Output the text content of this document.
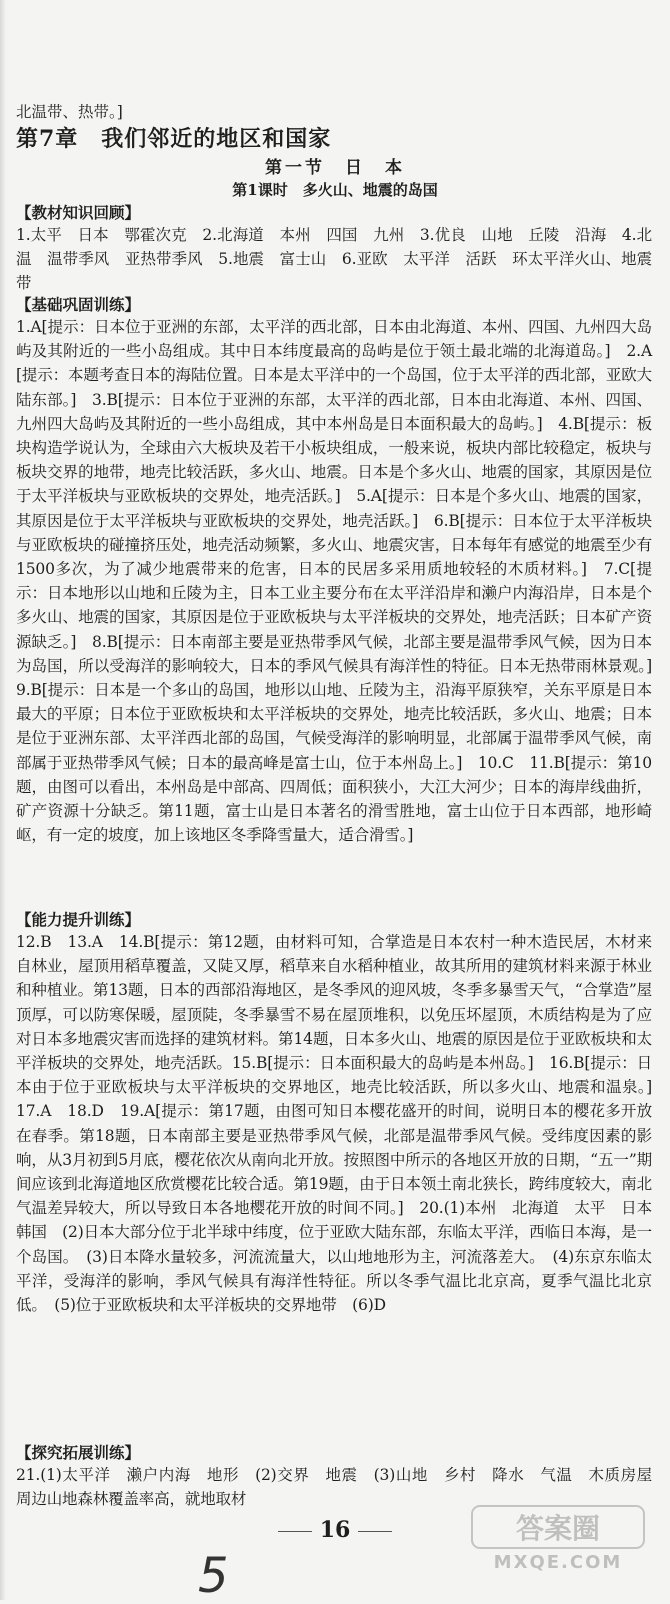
北温带、热带。]
第7章　我们邻近的地区和国家
第一节　日　本
第1课时　多火山、地震的岛国
【教材知识回顾】
1.太平　日本　鄂霍次克　2.北海道　本州　四国　九州　3.优良　山地　丘陵　沿海　4.北温　温带季风　亚热带季风　5.地震　富士山　6.亚欧　太平洋　活跃　环太平洋火山、地震带
【基础巩固训练】
1.A[提示：日本位于亚洲的东部，太平洋的西北部，日本由北海道、本州、四国、九州四大岛屿及其附近的一些小岛组成。其中日本纬度最高的岛屿是位于领土最北端的北海道岛。]　2.A[提示：本题考查日本的海陆位置。日本是太平洋中的一个岛国，位于太平洋的西北部，亚欧大陆东部。]　3.B[提示：日本位于亚洲的东部，太平洋的西北部，日本由北海道、本州、四国、九州四大岛屿及其附近的一些小岛组成，其中本州岛是日本面积最大的岛屿。]　4.B[提示：板块构造学说认为，全球由六大板块及若干小板块组成，一般来说，板块内部比较稳定，板块与板块交界的地带，地壳比较活跃，多火山、地震。日本是个多火山、地震的国家，其原因是位于太平洋板块与亚欧板块的交界处，地壳活跃。]　5.A[提示：日本是个多火山、地震的国家，其原因是位于太平洋板块与亚欧板块的交界处，地壳活跃。]　6.B[提示：日本位于太平洋板块与亚欧板块的碰撞挤压处，地壳活动频繁，多火山、地震灾害，日本每年有感觉的地震至少有1500多次，为了减少地震带来的危害，日本的民居多采用质地较轻的木质材料。]　7.C[提示：日本地形以山地和丘陵为主，日本工业主要分布在太平洋沿岸和濑户内海沿岸，日本是个多火山、地震的国家，其原因是位于亚欧板块与太平洋板块的交界处，地壳活跃；日本矿产资源缺乏。]　8.B[提示：日本南部主要是亚热带季风气候，北部主要是温带季风气候，因为日本为岛国，所以受海洋的影响较大，日本的季风气候具有海洋性的特征。日本无热带雨林景观。]　9.B[提示：日本是一个多山的岛国，地形以山地、丘陵为主，沿海平原狭窄，关东平原是日本最大的平原；日本位于亚欧板块和太平洋板块的交界处，地壳比较活跃，多火山、地震；日本是位于亚洲东部、太平洋西北部的岛国，气候受海洋的影响明显，北部属于温带季风气候，南部属于亚热带季风气候；日本的最高峰是富士山，位于本州岛上。]　10.C　11.B[提示：第10题，由图可以看出，本州岛是中部高、四周低；面积狭小，大江大河少；日本的海岸线曲折，矿产资源十分缺乏。第11题，富士山是日本著名的滑雪胜地，富士山位于日本西部，地形崎岖，有一定的坡度，加上该地区冬季降雪量大，适合滑雪。]
【能力提升训练】
12.B　13.A　14.B[提示：第12题，由材料可知，合掌造是日本农村一种木造民居，木材来自林业，屋顶用稻草覆盖，又陡又厚，稻草来自水稻种植业，故其所用的建筑材料来源于林业和种植业。第13题，日本的西部沿海地区，是冬季风的迎风坡，冬季多暴雪天气，“合掌造”屋顶厚，可以防寒保暖，屋顶陡，冬季暴雪不易在屋顶堆积，以免压坏屋顶，木质结构是为了应对日本多地震灾害而选择的建筑材料。第14题，日本多火山、地震的原因是位于亚欧板块和太平洋板块的交界处，地壳活跃。15.B[提示：日本面积最大的岛屿是本州岛。]　16.B[提示：日本由于位于亚欧板块与太平洋板块的交界地区，地壳比较活跃，所以多火山、地震和温泉。]　17.A　18.D　19.A[提示：第17题，由图可知日本樱花盛开的时间，说明日本的樱花多开放在春季。第18题，日本南部主要是亚热带季风气候，北部是温带季风气候。受纬度因素的影响，从3月初到5月底，樱花依次从南向北开放。按照图中所示的各地区开放的日期，“五一”期间应该到北海道地区欣赏樱花比较合适。第19题，由于日本领土南北狭长，跨纬度较大，南北气温差异较大，所以导致日本各地樱花开放的时间不同。]　20.(1)本州　北海道　太平　日本　韩国　(2)日本大部分位于北半球中纬度，位于亚欧大陆东部，东临太平洋，西临日本海，是一个岛国。　(3)日本降水量较多，河流流量大，以山地地形为主，河流落差大。　(4)东京东临太平洋，受海洋的影响，季风气候具有海洋性特征。所以冬季气温比北京高，夏季气温比北京低。　(5)位于亚欧板块和太平洋板块的交界地带　(6)D
【探究拓展训练】
21.(1)太平洋　濑户内海　地形　(2)交界　地震　(3)山地　乡村　降水　气温　木质房屋　周边山地森林覆盖率高，就地取材
16
5
答案圈
MXQE.COM
